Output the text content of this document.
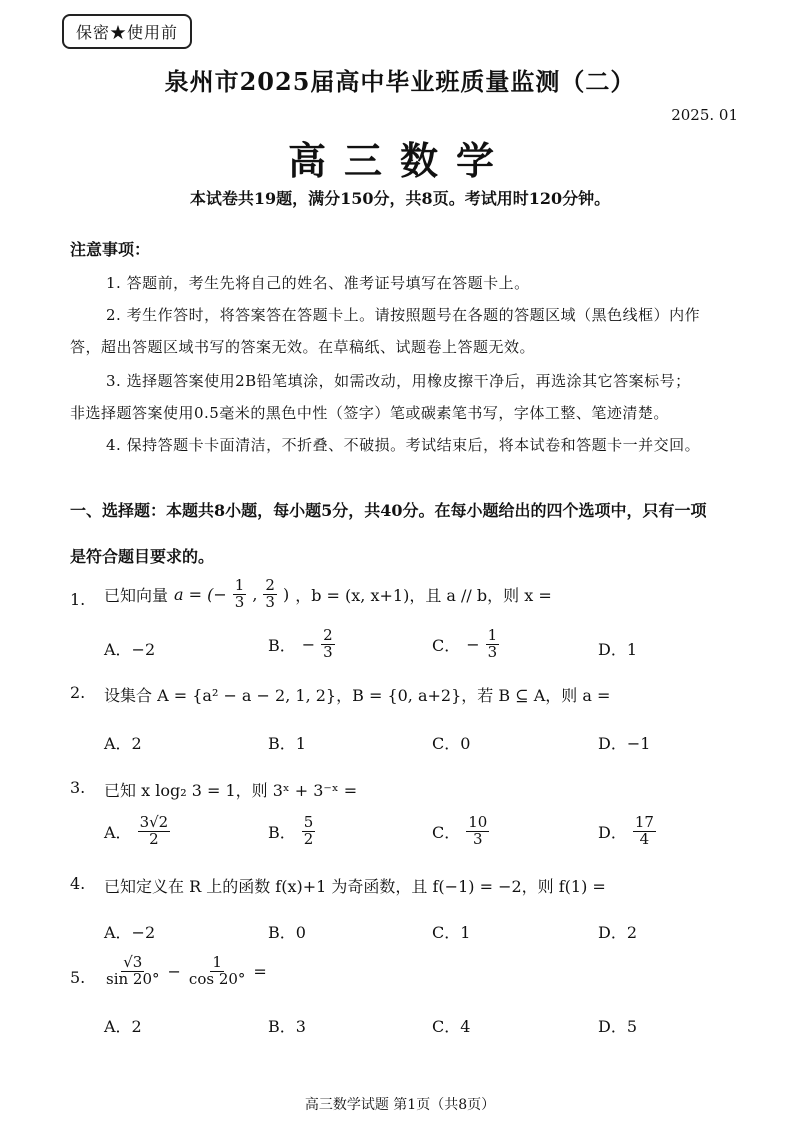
保密★使用前
泉州市2025届高中毕业班质量监测（二）
2025. 01
高三数学
本试卷共19题，满分150分，共8页。考试用时120分钟。
注意事项：
1. 答题前，考生先将自己的姓名、准考证号填写在答题卡上。
2. 考生作答时，将答案答在答题卡上。请按照题号在各题的答题区域（黑色线框）内作
答，超出答题区域书写的答案无效。在草稿纸、试题卷上答题无效。
3. 选择题答案使用2B铅笔填涂，如需改动，用橡皮擦干净后，再选涂其它答案标号；
非选择题答案使用0.5毫米的黑色中性（签字）笔或碳素笔书写，字体工整、笔迹清楚。
4. 保持答题卡卡面清洁，不折叠、不破损。考试结束后，将本试卷和答题卡一并交回。
一、选择题：本题共8小题，每小题5分，共40分。在每小题给出的四个选项中，只有一项
是符合题目要求的。
1. 已知向量 a = (− $\frac{1}{3}$ , $\frac{2}{3}$ ) ，b = (x, x+1)，且 a // b，则 x =
A．−2	B． − $\frac{2}{3}$	C． − $\frac{1}{3}$	D．1
2. 设集合 A = {a² − a − 2, 1, 2}，B = {0, a+2}，若 B ⊆ A，则 a =
A．2	B．1	C．0	D．−1
3. 已知 x log₂ 3 = 1，则 3ˣ + 3⁻ˣ =
A． $\frac{3√2}{2}$	B． $\frac{5}{2}$	C． $\frac{10}{3}$	D． $\frac{17}{4}$
4. 已知定义在 R 上的函数 f(x)+1 为奇函数，且 f(−1) = −2，则 f(1) =
A．−2	B．0	C．1	D．2
5. $\frac{√3}{\sin 20^\circ} - \frac{1}{\cos 20^\circ}$ =
A．2	B．3	C．4	D．5
高三数学试题 第1页（共8页）
